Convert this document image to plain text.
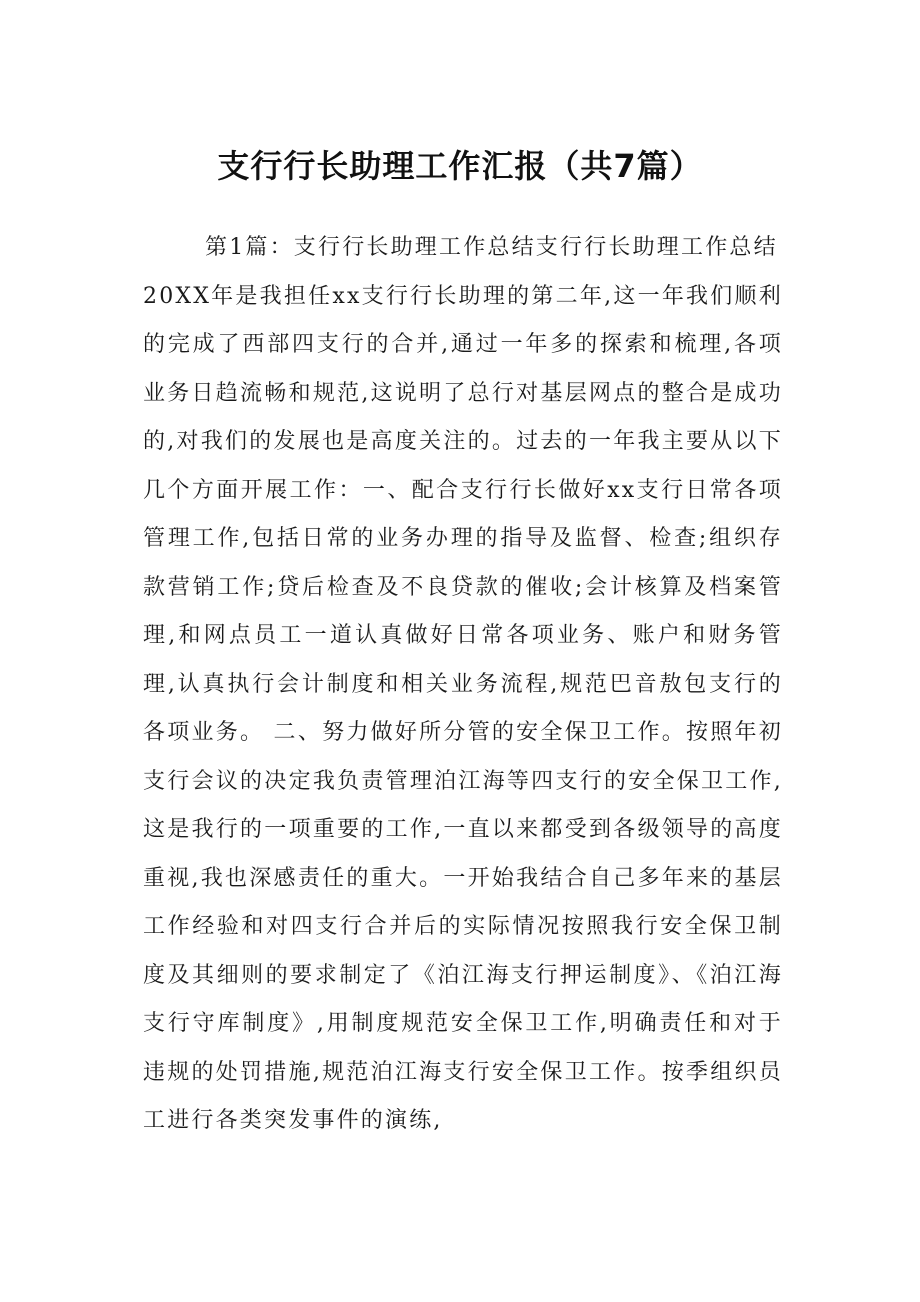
支行行长助理工作汇报（共7篇）

第1篇：支行行长助理工作总结支行行长助理工作总结

20XX年是我担任xx支行行长助理的第二年,这一年我们顺利的完成了西部四支行的合并,通过一年多的探索和梳理,各项业务日趋流畅和规范,这说明了总行对基层网点的整合是成功的,对我们的发展也是高度关注的。过去的一年我主要从以下几个方面开展工作：一、配合支行行长做好xx支行日常各项管理工作,包括日常的业务办理的指导及监督、检查;组织存款营销工作;贷后检查及不良贷款的催收;会计核算及档案管理,和网点员工一道认真做好日常各项业务、账户和财务管理,认真执行会计制度和相关业务流程,规范巴音敖包支行的各项业务。 二、努力做好所分管的安全保卫工作。按照年初支行会议的决定我负责管理泊江海等四支行的安全保卫工作,这是我行的一项重要的工作,一直以来都受到各级领导的高度重视,我也深感责任的重大。一开始我结合自己多年来的基层工作经验和对四支行合并后的实际情况按照我行安全保卫制度及其细则的要求制定了《泊江海支行押运制度》、《泊江海支行守库制度》,用制度规范安全保卫工作,明确责任和对于违规的处罚措施,规范泊江海支行安全保卫工作。按季组织员工进行各类突发事件的演练,
